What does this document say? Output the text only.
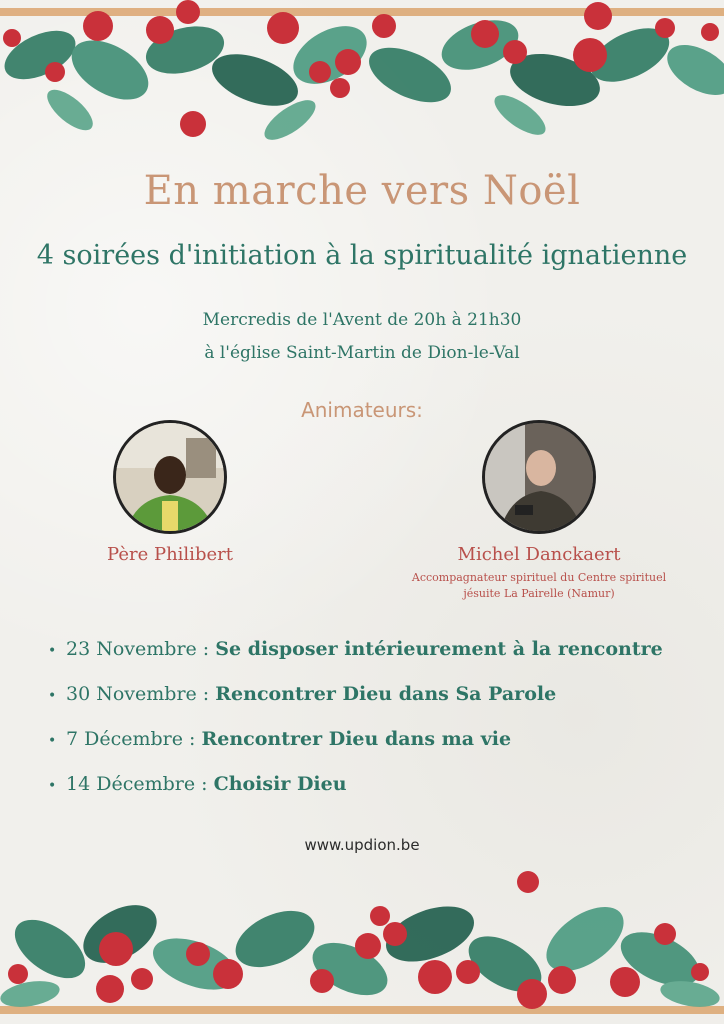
En marche vers Noël
4 soirées d'initiation à la spiritualité ignatienne
Mercredis de l'Avent de 20h à 21h30
à l'église Saint-Martin de Dion-le-Val
Animateurs:
Père Philibert	Michel Danckaert
Accompagnateur spirituel du Centre spirituel
jésuite La Pairelle (Namur)
• 23 Novembre : Se disposer intérieurement à la rencontre
• 30 Novembre : Rencontrer Dieu dans Sa Parole
• 7 Décembre : Rencontrer Dieu dans ma vie
• 14 Décembre : Choisir Dieu
www.updion.be
